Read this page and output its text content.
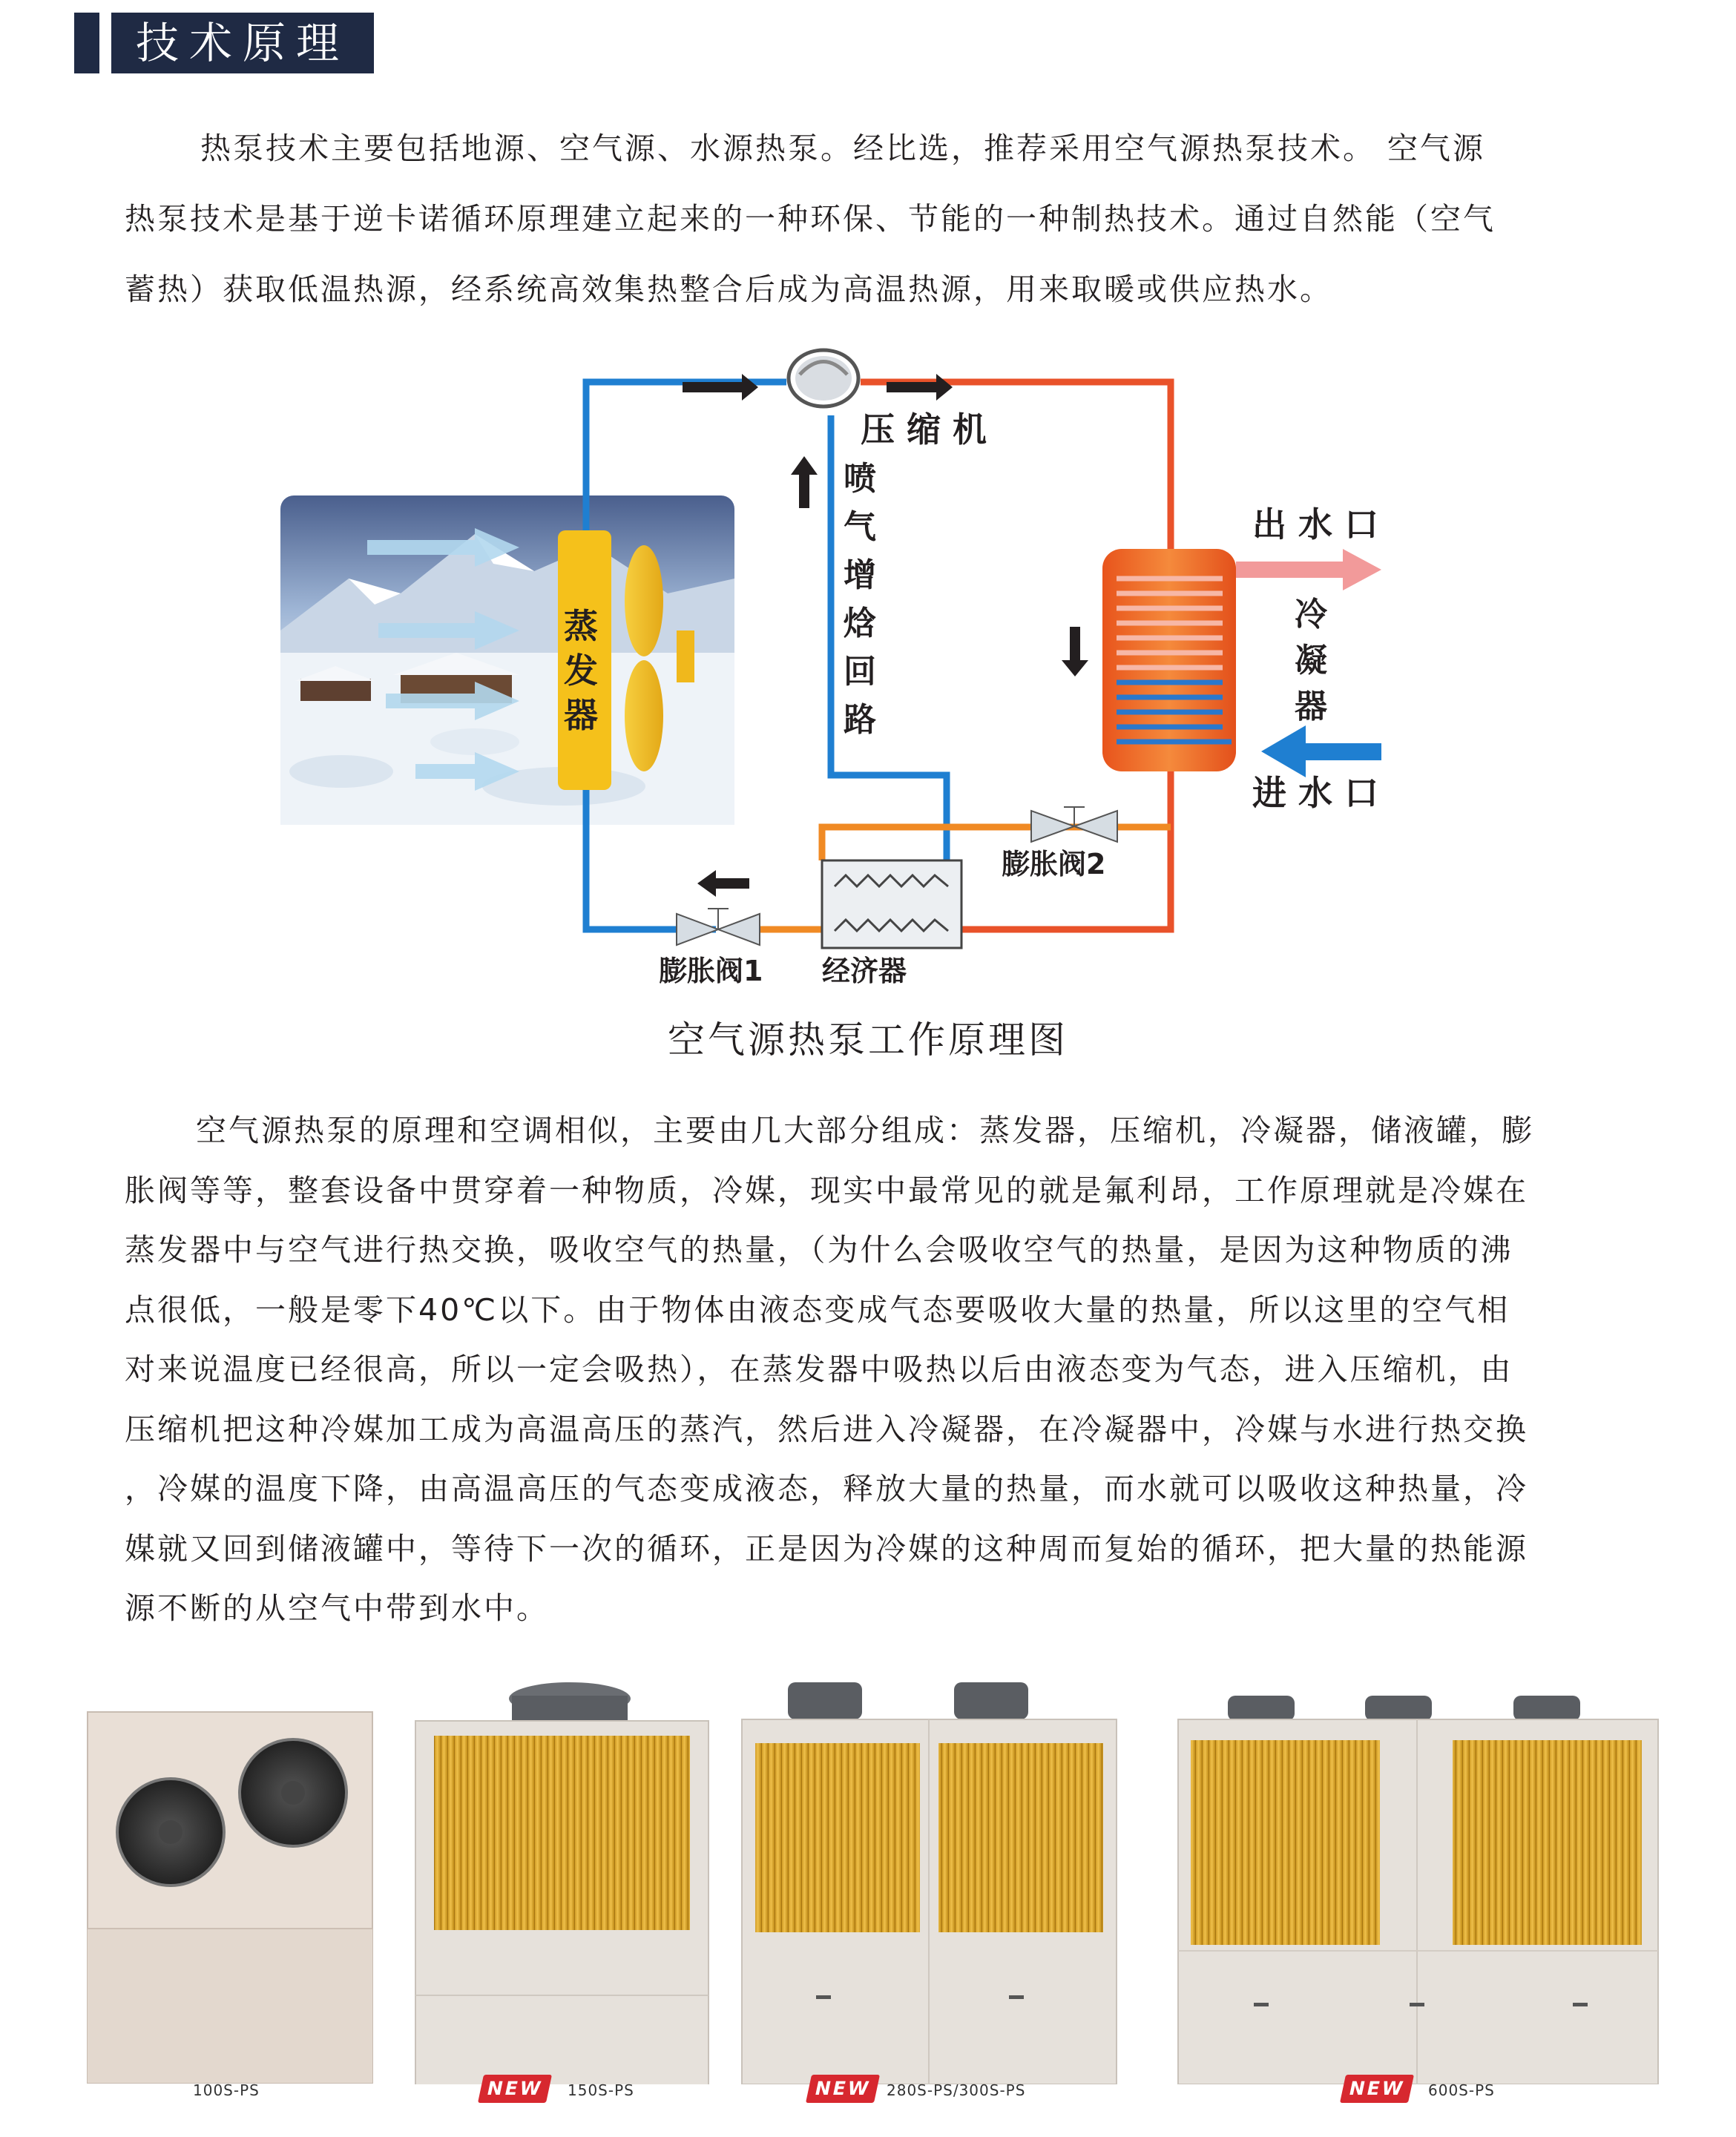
技术原理
热泵技术主要包括地源、空气源、水源热泵。经比选，推荐采用空气源热泵技术。 空气源
热泵技术是基于逆卡诺循环原理建立起来的一种环保、节能的一种制热技术。通过自然能（空气
蓄热）获取低温热源，经系统高效集热整合后成为高温热源，用来取暖或供应热水。
压 缩 机
喷
气
增
焓
回
路
蒸
发
器
出 水 口
冷
凝
器
进 水 口
膨胀阀2
膨胀阀1 经济器
空气源热泵工作原理图
空气源热泵的原理和空调相似，主要由几大部分组成：蒸发器，压缩机，冷凝器，储液罐，膨
胀阀等等，整套设备中贯穿着一种物质，冷媒，现实中最常见的就是氟利昂，工作原理就是冷媒在
蒸发器中与空气进行热交换，吸收空气的热量，（为什么会吸收空气的热量，是因为这种物质的沸
点很低，一般是零下40℃以下。由于物体由液态变成气态要吸收大量的热量，所以这里的空气相
对来说温度已经很高，所以一定会吸热），在蒸发器中吸热以后由液态变为气态，进入压缩机，由
压缩机把这种冷媒加工成为高温高压的蒸汽，然后进入冷凝器，在冷凝器中，冷媒与水进行热交换
，冷媒的温度下降，由高温高压的气态变成液态，释放大量的热量，而水就可以吸收这种热量，冷
媒就又回到储液罐中，等待下一次的循环，正是因为冷媒的这种周而复始的循环，把大量的热能源
源不断的从空气中带到水中。
100S-PS	NEW	150S-PS	NEW 280S-PS/300S-PS	NEW	600S-PS
